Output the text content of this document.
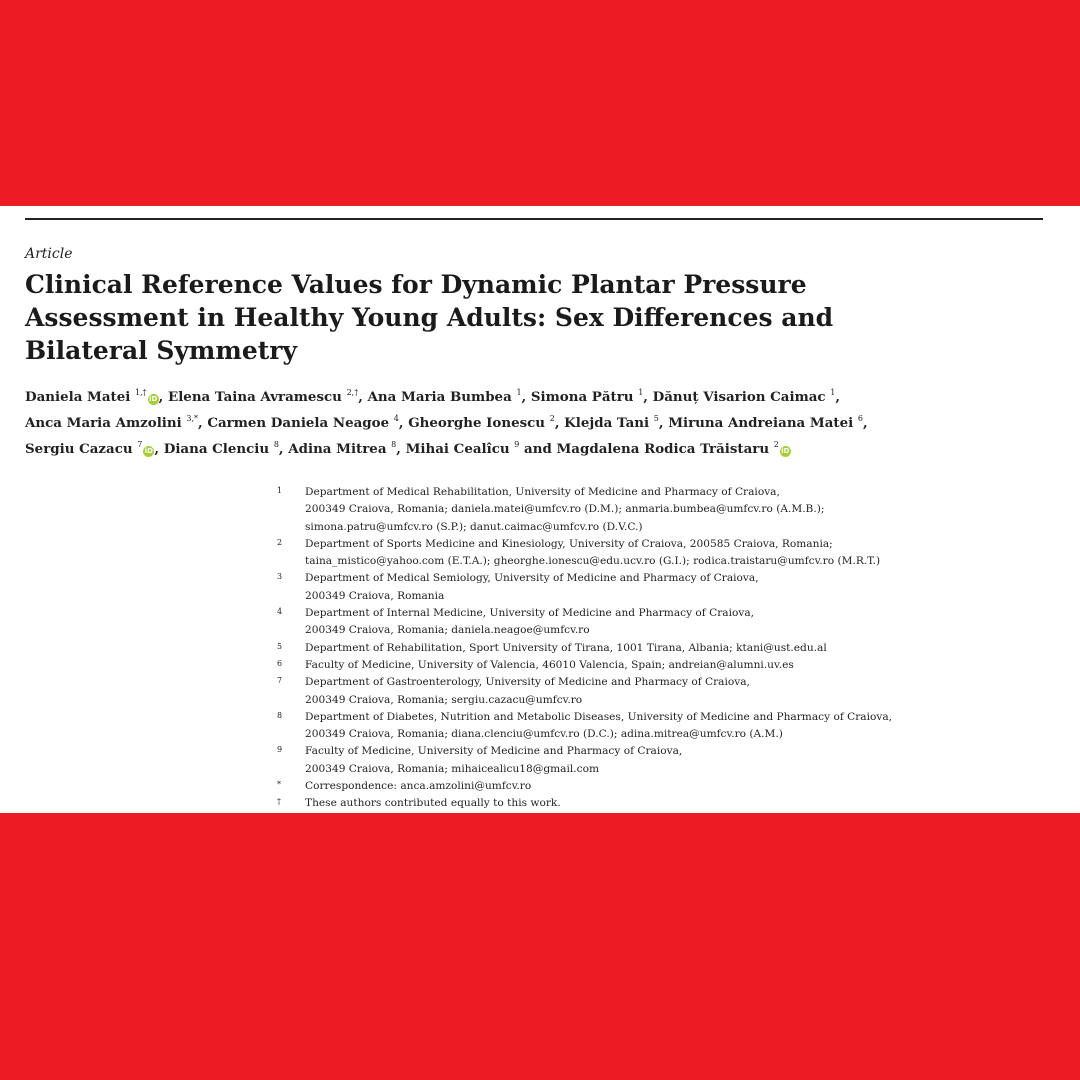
Article
Clinical Reference Values for Dynamic Plantar Pressure
Assessment in Healthy Young Adults: Sex Differences and
Bilateral Symmetry
Daniela Matei $^{1,\dagger}$iD, Elena Taina Avramescu $^{2,\dagger}$, Ana Maria Bumbea $^1$, Simona Pătru $^1$, Dănuț Visarion Caimac $^1$,
Anca Maria Amzolini $^{3,*}$, Carmen Daniela Neagoe $^4$, Gheorghe Ionescu $^2$, Klejda Tani $^5$, Miruna Andreiana Matei $^6$,
Sergiu Cazacu $^7$iD, Diana Clenciu $^8$, Adina Mitrea $^8$, Mihai Cealîcu $^9$ and Magdalena Rodica Trăistaru $^2$iD
1 Department of Medical Rehabilitation, University of Medicine and Pharmacy of Craiova,
200349 Craiova, Romania; daniela.matei@umfcv.ro (D.M.); anmaria.bumbea@umfcv.ro (A.M.B.);
simona.patru@umfcv.ro (S.P.); danut.caimac@umfcv.ro (D.V.C.)
2 Department of Sports Medicine and Kinesiology, University of Craiova, 200585 Craiova, Romania;
taina_mistico@yahoo.com (E.T.A.); gheorghe.ionescu@edu.ucv.ro (G.I.); rodica.traistaru@umfcv.ro (M.R.T.)
3 Department of Medical Semiology, University of Medicine and Pharmacy of Craiova,
200349 Craiova, Romania
4 Department of Internal Medicine, University of Medicine and Pharmacy of Craiova,
200349 Craiova, Romania; daniela.neagoe@umfcv.ro
5 Department of Rehabilitation, Sport University of Tirana, 1001 Tirana, Albania; ktani@ust.edu.al
6 Faculty of Medicine, University of Valencia, 46010 Valencia, Spain; andreian@alumni.uv.es
7 Department of Gastroenterology, University of Medicine and Pharmacy of Craiova,
200349 Craiova, Romania; sergiu.cazacu@umfcv.ro
8 Department of Diabetes, Nutrition and Metabolic Diseases, University of Medicine and Pharmacy of Craiova,
200349 Craiova, Romania; diana.clenciu@umfcv.ro (D.C.); adina.mitrea@umfcv.ro (A.M.)
9 Faculty of Medicine, University of Medicine and Pharmacy of Craiova,
200349 Craiova, Romania; mihaicealicu18@gmail.com
* Correspondence: anca.amzolini@umfcv.ro
† These authors contributed equally to this work.
